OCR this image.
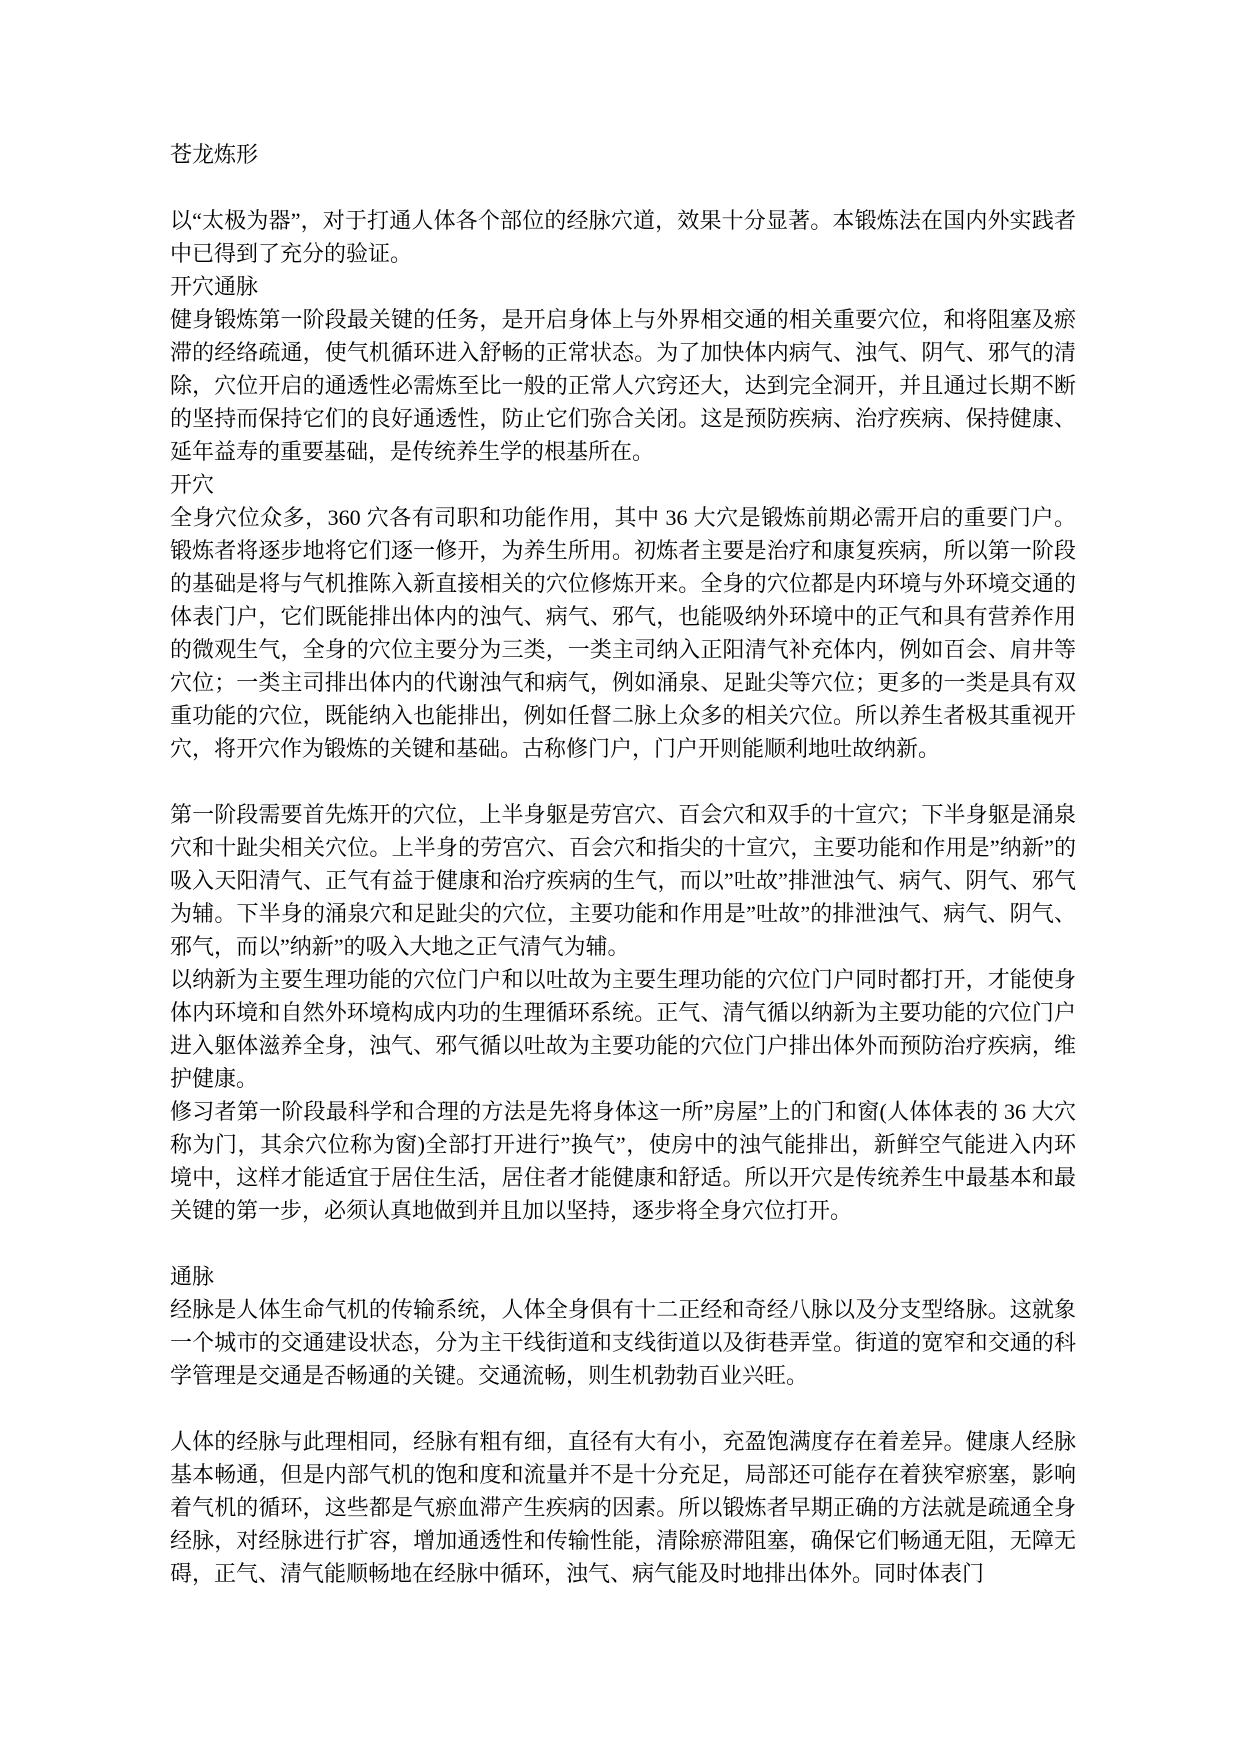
苍龙炼形

以“太极为器”，对于打通人体各个部位的经脉穴道，效果十分显著。本锻炼法在国内外实践者中已得到了充分的验证。

开穴通脉

健身锻炼第一阶段最关键的任务，是开启身体上与外界相交通的相关重要穴位，和将阻塞及瘀滞的经络疏通，使气机循环进入舒畅的正常状态。为了加快体内病气、浊气、阴气、邪气的清除，穴位开启的通透性必需炼至比一般的正常人穴窍还大，达到完全洞开，并且通过长期不断的坚持而保持它们的良好通透性，防止它们弥合关闭。这是预防疾病、治疗疾病、保持健康、延年益寿的重要基础，是传统养生学的根基所在。

开穴

全身穴位众多，360 穴各有司职和功能作用，其中 36 大穴是锻炼前期必需开启的重要门户。锻炼者将逐步地将它们逐一修开，为养生所用。初炼者主要是治疗和康复疾病，所以第一阶段的基础是将与气机推陈入新直接相关的穴位修炼开来。全身的穴位都是内环境与外环境交通的体表门户，它们既能排出体内的浊气、病气、邪气，也能吸纳外环境中的正气和具有营养作用的微观生气，全身的穴位主要分为三类，一类主司纳入正阳清气补充体内，例如百会、肩井等穴位；一类主司排出体内的代谢浊气和病气，例如涌泉、足趾尖等穴位；更多的一类是具有双重功能的穴位，既能纳入也能排出，例如任督二脉上众多的相关穴位。所以养生者极其重视开穴，将开穴作为锻炼的关键和基础。古称修门户，门户开则能顺利地吐故纳新。

第一阶段需要首先炼开的穴位，上半身躯是劳宫穴、百会穴和双手的十宣穴；下半身躯是涌泉穴和十趾尖相关穴位。上半身的劳宫穴、百会穴和指尖的十宣穴，主要功能和作用是”纳新”的吸入天阳清气、正气有益于健康和治疗疾病的生气，而以”吐故”排泄浊气、病气、阴气、邪气为辅。下半身的涌泉穴和足趾尖的穴位，主要功能和作用是”吐故”的排泄浊气、病气、阴气、邪气，而以”纳新”的吸入大地之正气清气为辅。

以纳新为主要生理功能的穴位门户和以吐故为主要生理功能的穴位门户同时都打开，才能使身体内环境和自然外环境构成内功的生理循环系统。正气、清气循以纳新为主要功能的穴位门户进入躯体滋养全身，浊气、邪气循以吐故为主要功能的穴位门户排出体外而预防治疗疾病，维护健康。

修习者第一阶段最科学和合理的方法是先将身体这一所”房屋”上的门和窗(人体体表的 36 大穴称为门，其余穴位称为窗)全部打开进行”换气”，使房中的浊气能排出，新鲜空气能进入内环境中，这样才能适宜于居住生活，居住者才能健康和舒适。所以开穴是传统养生中最基本和最关键的第一步，必须认真地做到并且加以坚持，逐步将全身穴位打开。

通脉

经脉是人体生命气机的传输系统，人体全身俱有十二正经和奇经八脉以及分支型络脉。这就象一个城市的交通建设状态，分为主干线街道和支线街道以及街巷弄堂。街道的宽窄和交通的科学管理是交通是否畅通的关键。交通流畅，则生机勃勃百业兴旺。

人体的经脉与此理相同，经脉有粗有细，直径有大有小，充盈饱满度存在着差异。健康人经脉基本畅通，但是内部气机的饱和度和流量并不是十分充足，局部还可能存在着狭窄瘀塞，影响着气机的循环，这些都是气瘀血滞产生疾病的因素。所以锻炼者早期正确的方法就是疏通全身经脉，对经脉进行扩容，增加通透性和传输性能，清除瘀滞阻塞，确保它们畅通无阻，无障无碍，正气、清气能顺畅地在经脉中循环，浊气、病气能及时地排出体外。同时体表门
